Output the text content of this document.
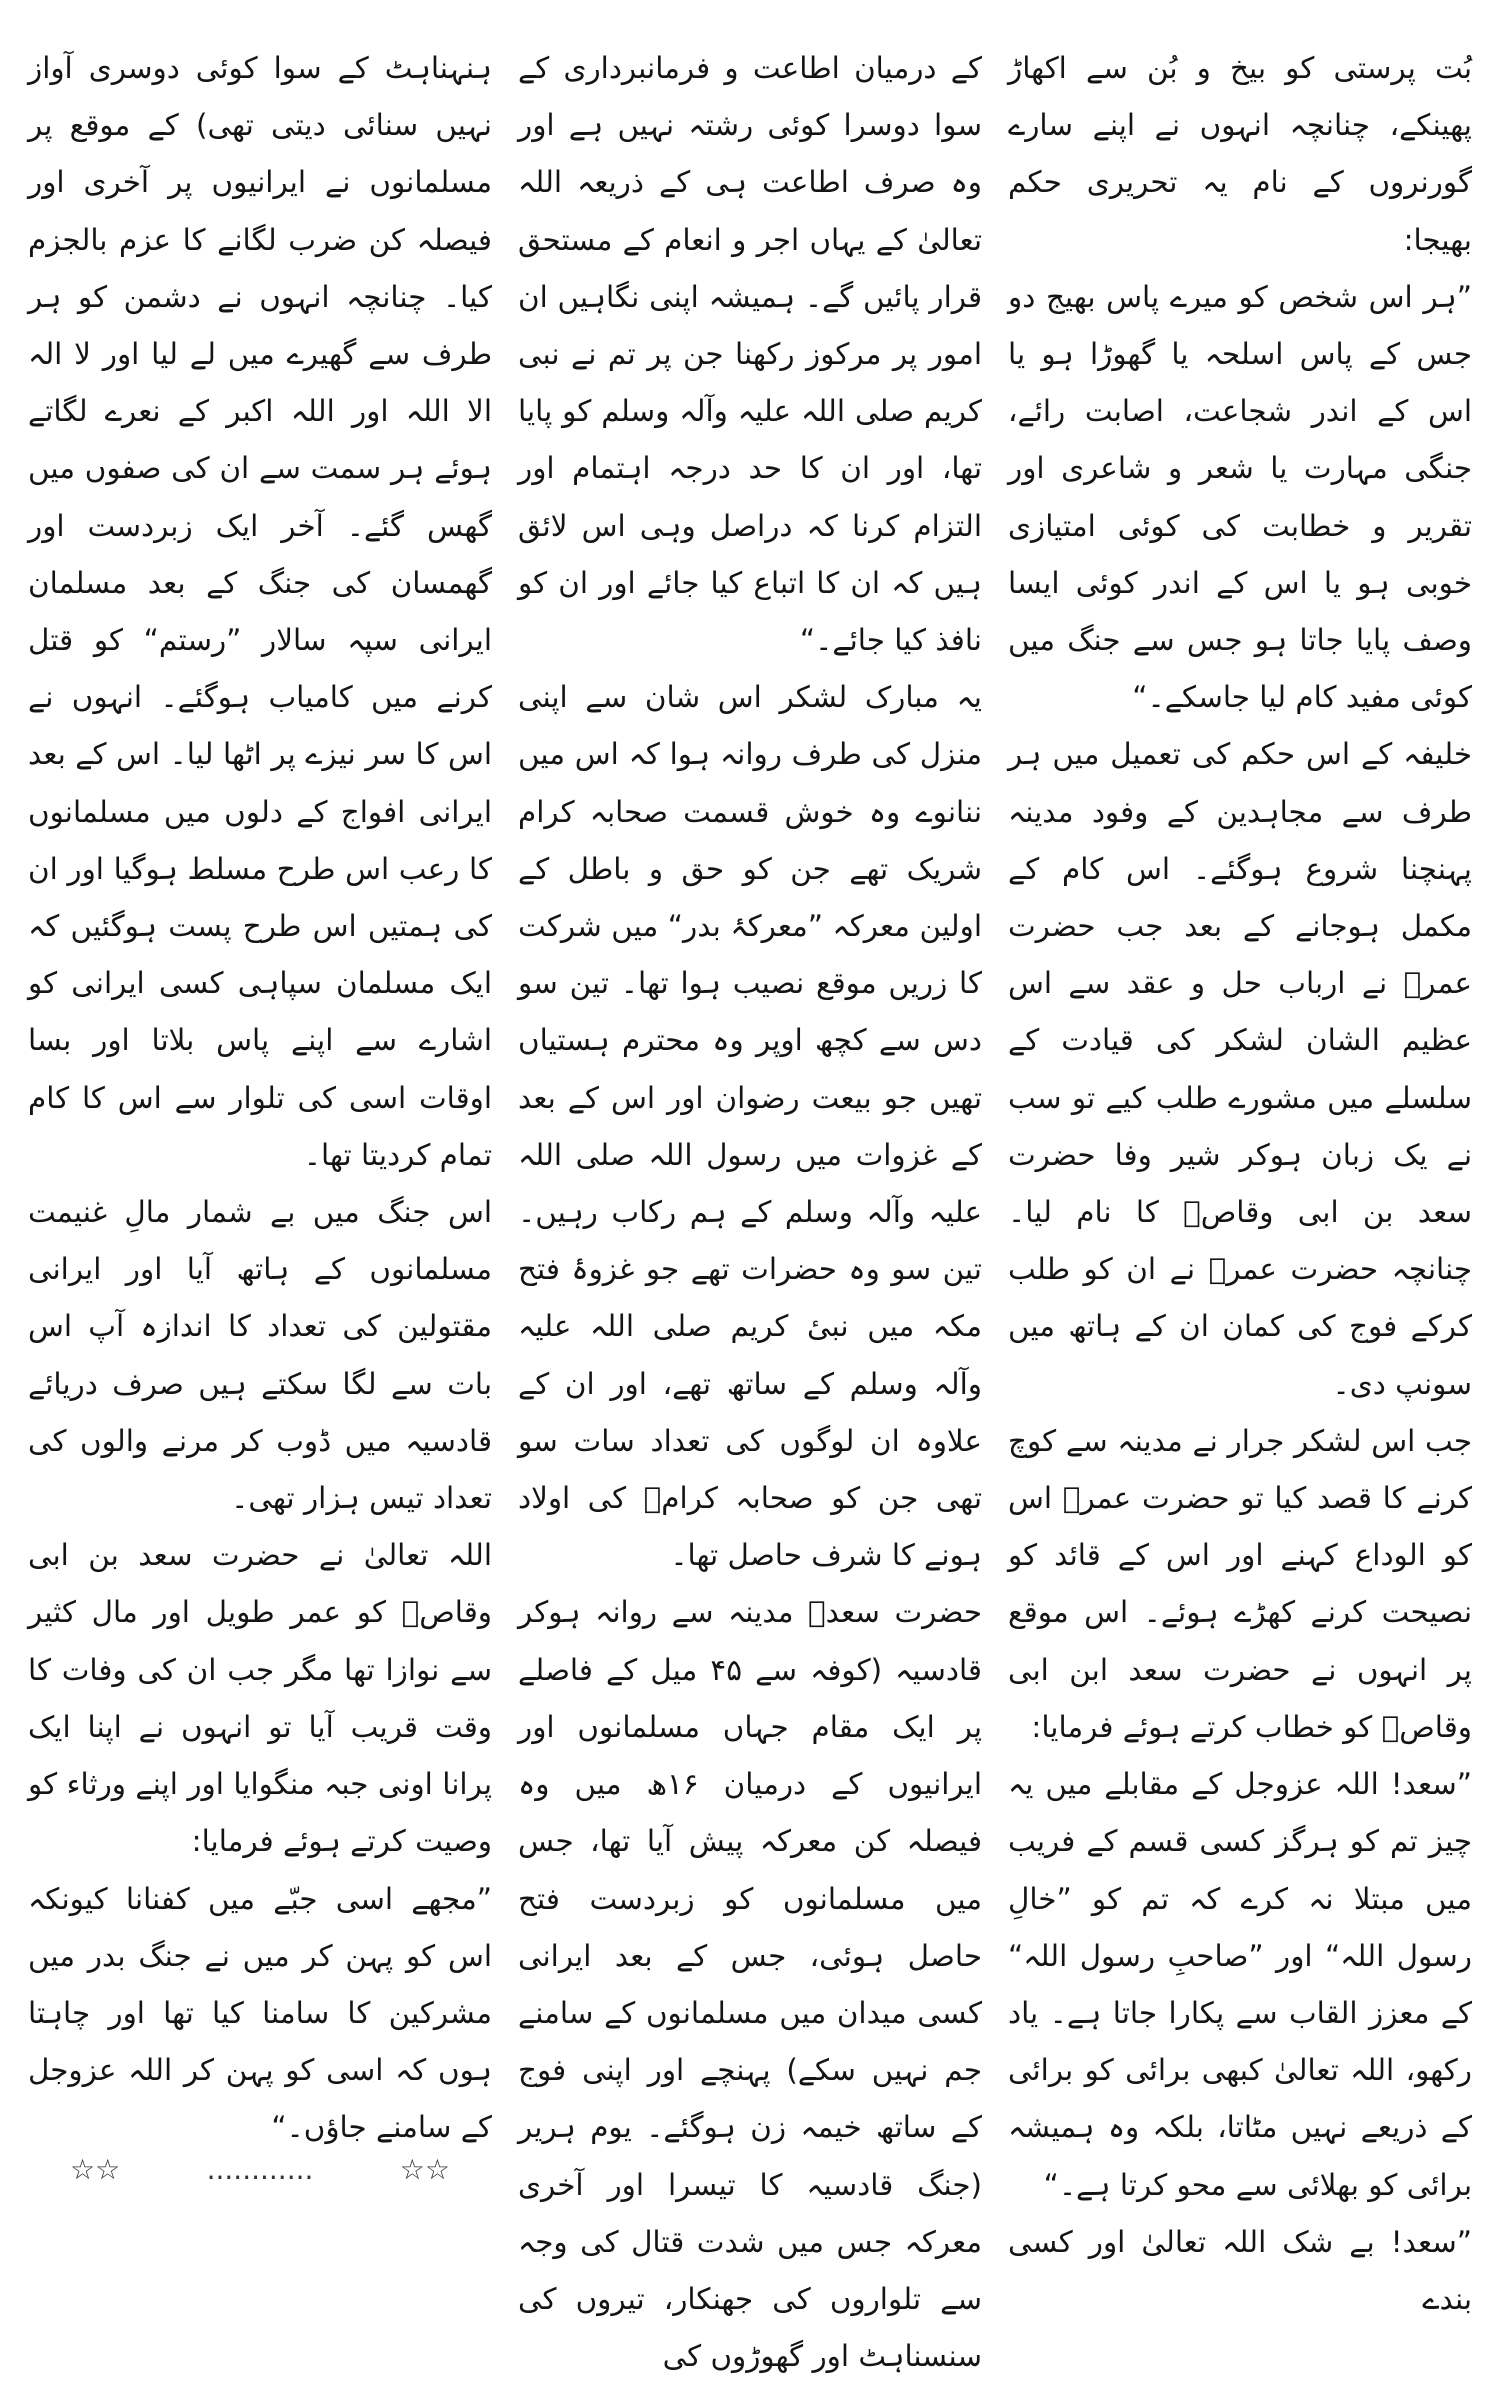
بُت پرستی کو بیخ و بُن سے اکھاڑ پھینکے، چنانچہ انہوں نے اپنے سارے گورنروں کے نام یہ تحریری حکم بھیجا:

”ہر اس شخص کو میرے پاس بھیج دو جس کے پاس اسلحہ یا گھوڑا ہو یا اس کے اندر شجاعت، اصابت رائے، جنگی مہارت یا شعر و شاعری اور تقریر و خطابت کی کوئی امتیازی خوبی ہو یا اس کے اندر کوئی ایسا وصف پایا جاتا ہو جس سے جنگ میں کوئی مفید کام لیا جاسکے۔“

خلیفہ کے اس حکم کی تعمیل میں ہر طرف سے مجاہدین کے وفود مدینہ پہنچنا شروع ہوگئے۔ اس کام کے مکمل ہوجانے کے بعد جب حضرت عمرؓ نے ارباب حل و عقد سے اس عظیم الشان لشکر کی قیادت کے سلسلے میں مشورے طلب کیے تو سب نے یک زبان ہوکر شیر وفا حضرت سعد بن ابی وقاصؓ کا نام لیا۔ چنانچہ حضرت عمرؓ نے ان کو طلب کرکے فوج کی کمان ان کے ہاتھ میں سونپ دی۔

جب اس لشکر جرار نے مدینہ سے کوچ کرنے کا قصد کیا تو حضرت عمرؓ اس کو الوداع کہنے اور اس کے قائد کو نصیحت کرنے کھڑے ہوئے۔ اس موقع پر انہوں نے حضرت سعد ابن ابی وقاصؓ کو خطاب کرتے ہوئے فرمایا:

”سعد! اللہ عزوجل کے مقابلے میں یہ چیز تم کو ہرگز کسی قسم کے فریب میں مبتلا نہ کرے کہ تم کو ”خالِ رسول اللہ“ اور ”صاحبِ رسول اللہ“ کے معزز القاب سے پکارا جاتا ہے۔ یاد رکھو، اللہ تعالیٰ کبھی برائی کو برائی کے ذریعے نہیں مٹاتا، بلکہ وہ ہمیشہ برائی کو بھلائی سے محو کرتا ہے۔“

”سعد! بے شک اللہ تعالیٰ اور کسی بندے

کے درمیان اطاعت و فرمانبرداری کے سوا دوسرا کوئی رشتہ نہیں ہے اور وہ صرف اطاعت ہی کے ذریعہ اللہ تعالیٰ کے یہاں اجر و انعام کے مستحق قرار پائیں گے۔ ہمیشہ اپنی نگاہیں ان امور پر مرکوز رکھنا جن پر تم نے نبی کریم صلی اللہ علیہ وآلہ وسلم کو پایا تھا، اور ان کا حد درجہ اہتمام اور التزام کرنا کہ دراصل وہی اس لائق ہیں کہ ان کا اتباع کیا جائے اور ان کو نافذ کیا جائے۔“

یہ مبارک لشکر اس شان سے اپنی منزل کی طرف روانہ ہوا کہ اس میں ننانوے وہ خوش قسمت صحابہ کرام شریک تھے جن کو حق و باطل کے اولین معرکہ ”معرکۂ بدر“ میں شرکت کا زریں موقع نصیب ہوا تھا۔ تین سو دس سے کچھ اوپر وہ محترم ہستیاں تھیں جو بیعت رضوان اور اس کے بعد کے غزوات میں رسول اللہ صلی اللہ علیہ وآلہ وسلم کے ہم رکاب رہیں۔ تین سو وہ حضرات تھے جو غزوۂ فتح مکہ میں نبیٔ کریم صلی اللہ علیہ وآلہ وسلم کے ساتھ تھے، اور ان کے علاوہ ان لوگوں کی تعداد سات سو تھی جن کو صحابہ کرامؓ کی اولاد ہونے کا شرف حاصل تھا۔

حضرت سعدؓ مدینہ سے روانہ ہوکر قادسیہ (کوفہ سے ۴۵ میل کے فاصلے پر ایک مقام جہاں مسلمانوں اور ایرانیوں کے درمیان ۱۶ھ میں وہ فیصلہ کن معرکہ پیش آیا تھا، جس میں مسلمانوں کو زبردست فتح حاصل ہوئی، جس کے بعد ایرانی کسی میدان میں مسلمانوں کے سامنے جم نہیں سکے) پہنچے اور اپنی فوج کے ساتھ خیمہ زن ہوگئے۔ یوم ہریر (جنگ قادسیہ کا تیسرا اور آخری معرکہ جس میں شدت قتال کی وجہ سے تلواروں کی جھنکار، تیروں کی سنسناہٹ اور گھوڑوں کی

ہنہناہٹ کے سوا کوئی دوسری آواز نہیں سنائی دیتی تھی) کے موقع پر مسلمانوں نے ایرانیوں پر آخری اور فیصلہ کن ضرب لگانے کا عزم بالجزم کیا۔ چنانچہ انہوں نے دشمن کو ہر طرف سے گھیرے میں لے لیا اور لا الہ الا اللہ اور اللہ اکبر کے نعرے لگاتے ہوئے ہر سمت سے ان کی صفوں میں گھس گئے۔ آخر ایک زبردست اور گھمسان کی جنگ کے بعد مسلمان ایرانی سپہ سالار ”رستم“ کو قتل کرنے میں کامیاب ہوگئے۔ انہوں نے اس کا سر نیزے پر اٹھا لیا۔ اس کے بعد ایرانی افواج کے دلوں میں مسلمانوں کا رعب اس طرح مسلط ہوگیا اور ان کی ہمتیں اس طرح پست ہوگئیں کہ ایک مسلمان سپاہی کسی ایرانی کو اشارے سے اپنے پاس بلاتا اور بسا اوقات اسی کی تلوار سے اس کا کام تمام کردیتا تھا۔

اس جنگ میں بے شمار مالِ غنیمت مسلمانوں کے ہاتھ آیا اور ایرانی مقتولین کی تعداد کا اندازہ آپ اس بات سے لگا سکتے ہیں صرف دریائے قادسیہ میں ڈوب کر مرنے والوں کی تعداد تیس ہزار تھی۔

اللہ تعالیٰ نے حضرت سعد بن ابی وقاصؓ کو عمر طویل اور مال کثیر سے نوازا تھا مگر جب ان کی وفات کا وقت قریب آیا تو انہوں نے اپنا ایک پرانا اونی جبہ منگوایا اور اپنے ورثاء کو وصیت کرتے ہوئے فرمایا:

”مجھے اسی جبّے میں کفنانا کیونکہ اس کو پہن کر میں نے جنگ بدر میں مشرکین کا سامنا کیا تھا اور چاہتا ہوں کہ اسی کو پہن کر اللہ عزوجل کے سامنے جاؤں۔“

☆☆	............	☆☆
